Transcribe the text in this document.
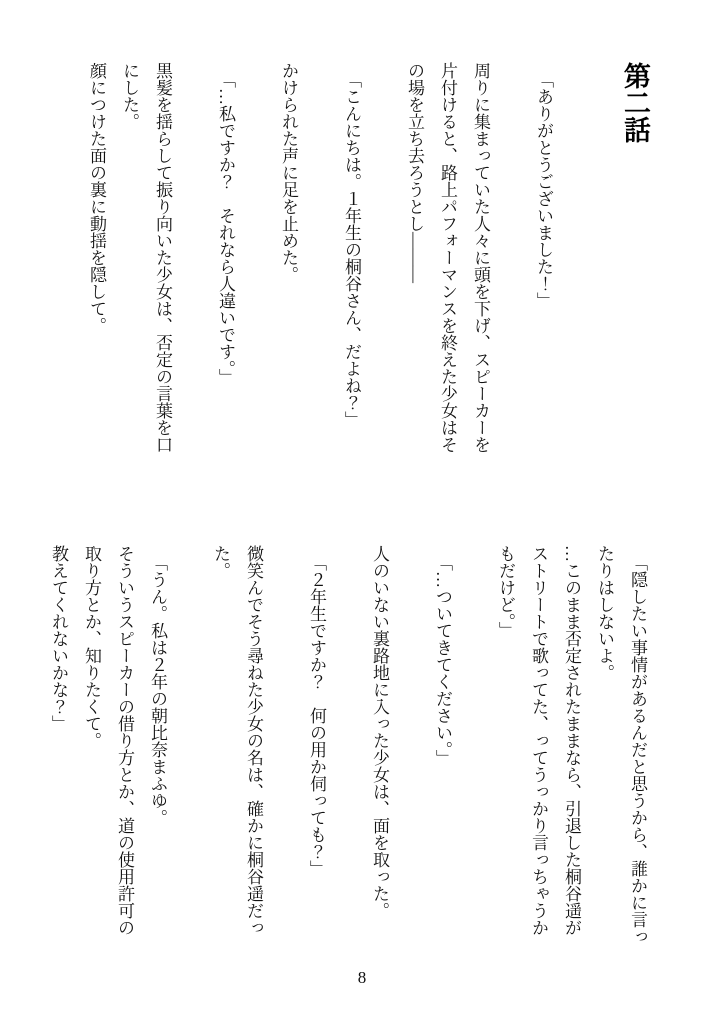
第二話

「ありがとうございました！」

周りに集まっていた人々に頭を下げ、スピーカーを
片付けると、路上パフォーマンスを終えた少女はそ
の場を立ち去ろうとし———

「こんにちは。１年生の桐谷さん、だよね？」

かけられた声に足を止めた。

「…私ですか？　それなら人違いです。」

黒髪を揺らして振り向いた少女は、否定の言葉を口
にした。

顔につけた面の裏に動揺を隠して。

「隠したい事情があるんだと思うから、誰かに言っ
たりはしないよ。
…このまま否定されたままなら、引退した桐谷遥が
ストリートで歌ってた、ってうっかり言っちゃうか
もだけど。」

「…ついてきてください。」

人のいない裏路地に入った少女は、面を取った。

「２年生ですか？　何の用か伺っても？」

微笑んでそう尋ねた少女の名は、確かに桐谷遥だっ
た。

「うん。私は２年の朝比奈まふゆ。
そういうスピーカーの借り方とか、道の使用許可の
取り方とか、知りたくて。
教えてくれないかな？」

8
